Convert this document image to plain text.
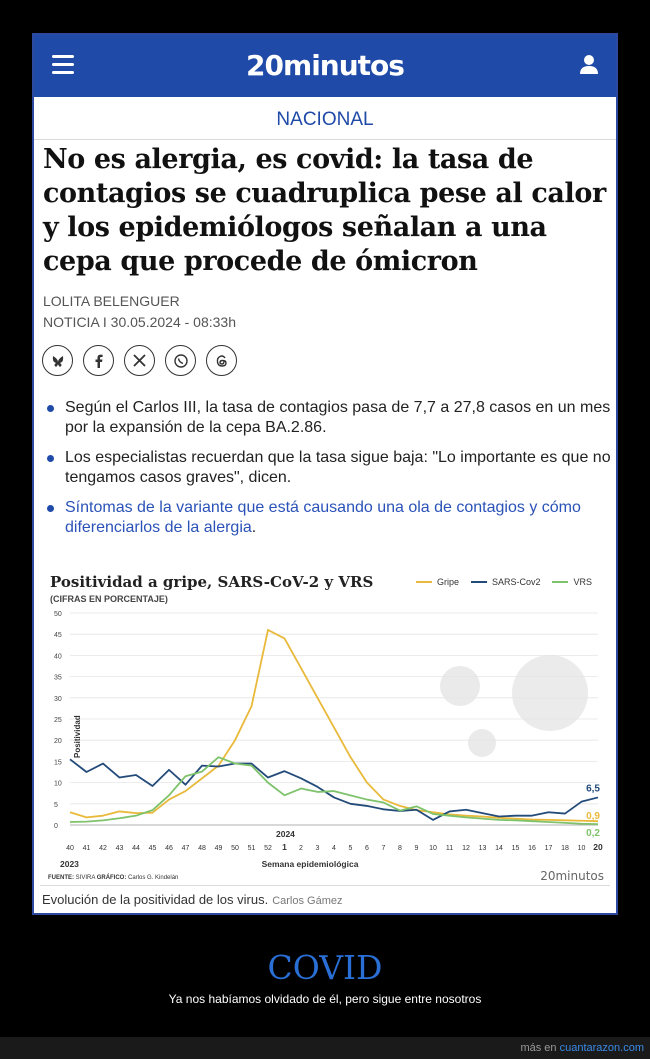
20minutos
NACIONAL
No es alergia, es covid: la tasa de contagios se cuadruplica pese al calor y los epidemiólogos señalan a una cepa que procede de ómicron
LOLITA BELENGUER
NOTICIA I 30.05.2024 - 08:33h
Según el Carlos III, la tasa de contagios pasa de 7,7 a 27,8 casos en un mes por la expansión de la cepa BA.2.86.
Los especialistas recuerdan que la tasa sigue baja: "Lo importante es que no tengamos casos graves", dicen.
Síntomas de la variante que está causando una ola de contagios y cómo diferenciarlos de la alergia.
Positividad a gripe, SARS-CoV-2 y VRS
(CIFRAS EN PORCENTAJE)
Gripe	SARS-Cov2	VRS
0
5
10
15
20
25
30
35
40
45
50
40 41 42 43 44 45 46 47 48 49 50 51 52 1 2 3 4 5 6 7 8 9 10 11 12 13 14 15 16 17 18 10 20
6,5
0,9
0,2
Positividad
2023
2024
Semana epidemiológica
FUENTE: SIVIRA GRÁFICO: Carlos G. Kindelán	20minutos
Evolución de la positividad de los virus. Carlos Gámez
COVID
Ya nos habíamos olvidado de él, pero sigue entre nosotros
más en cuantarazon.com
